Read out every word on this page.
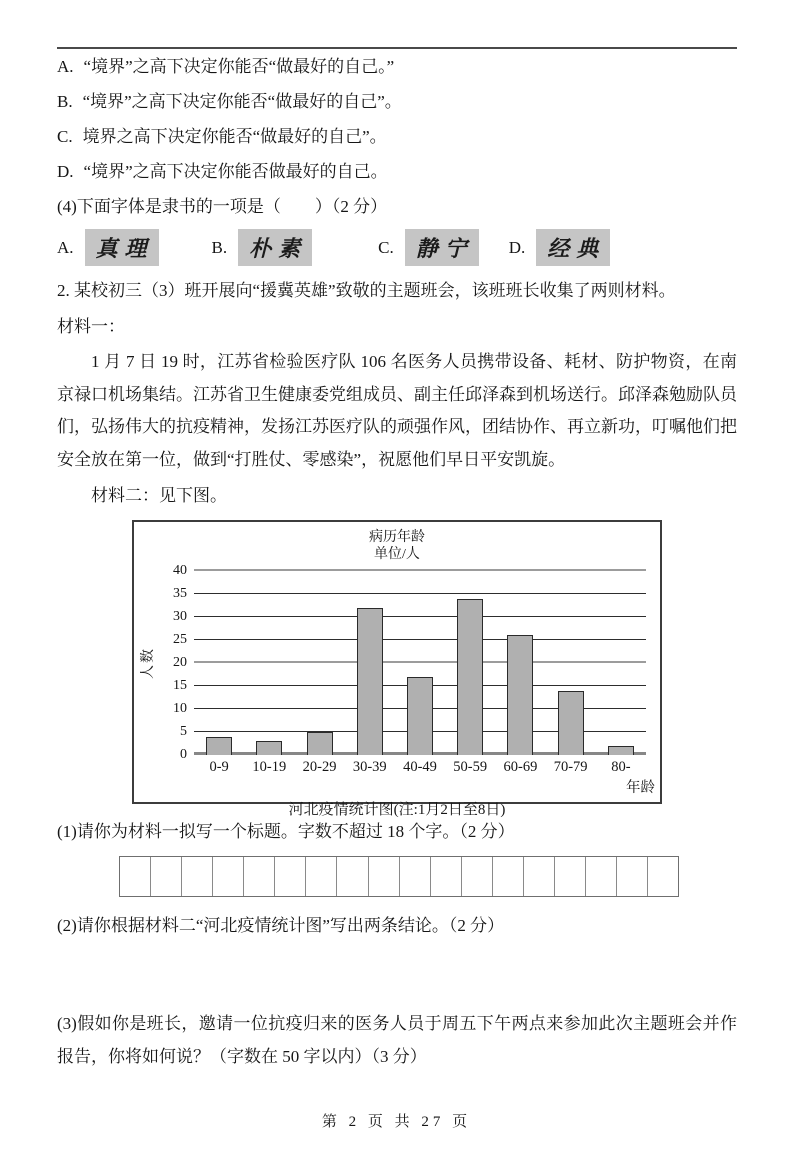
A. “境界”之高下决定你能否“做最好的自己。”
B. “境界”之高下决定你能否“做最好的自己”。
C. 境界之高下决定你能否“做最好的自己”。
D. “境界”之高下决定你能否做最好的自己。
(4)下面字体是隶书的一项是（　　）（2 分）
A. 真理	B. 朴素	C. 静宁 D. 经典
2. 某校初三（3）班开展向“援冀英雄”致敬的主题班会，该班班长收集了两则材料。
材料一：
1 月 7 日 19 时，江苏省检验医疗队 106 名医务人员携带设备、耗材、防护物资，在南京禄口机场集结。江苏省卫生健康委党组成员、副主任邱泽森到机场送行。邱泽森勉励队员们，弘扬伟大的抗疫精神，发扬江苏医疗队的顽强作风，团结协作、再立新功，叮嘱他们把安全放在第一位，做到“打胜仗、零感染”，祝愿他们早日平安凯旋。
材料二：见下图。
病历年龄
单位/人
人数
0
5
10
15
20
25
30
35
40
0-9	10-19	20-29	30-39	40-49	50-59	60-69	70-79	80-
年龄
河北疫情统计图(注:1月2日至8日)
(1)请你为材料一拟写一个标题。字数不超过 18 个字。（2 分）
(2)请你根据材料二“河北疫情统计图”写出两条结论。（2 分）
(3)假如你是班长，邀请一位抗疫归来的医务人员于周五下午两点来参加此次主题班会并作报告，你将如何说？（字数在 50 字以内）（3 分）
第 2 页 共 27 页
